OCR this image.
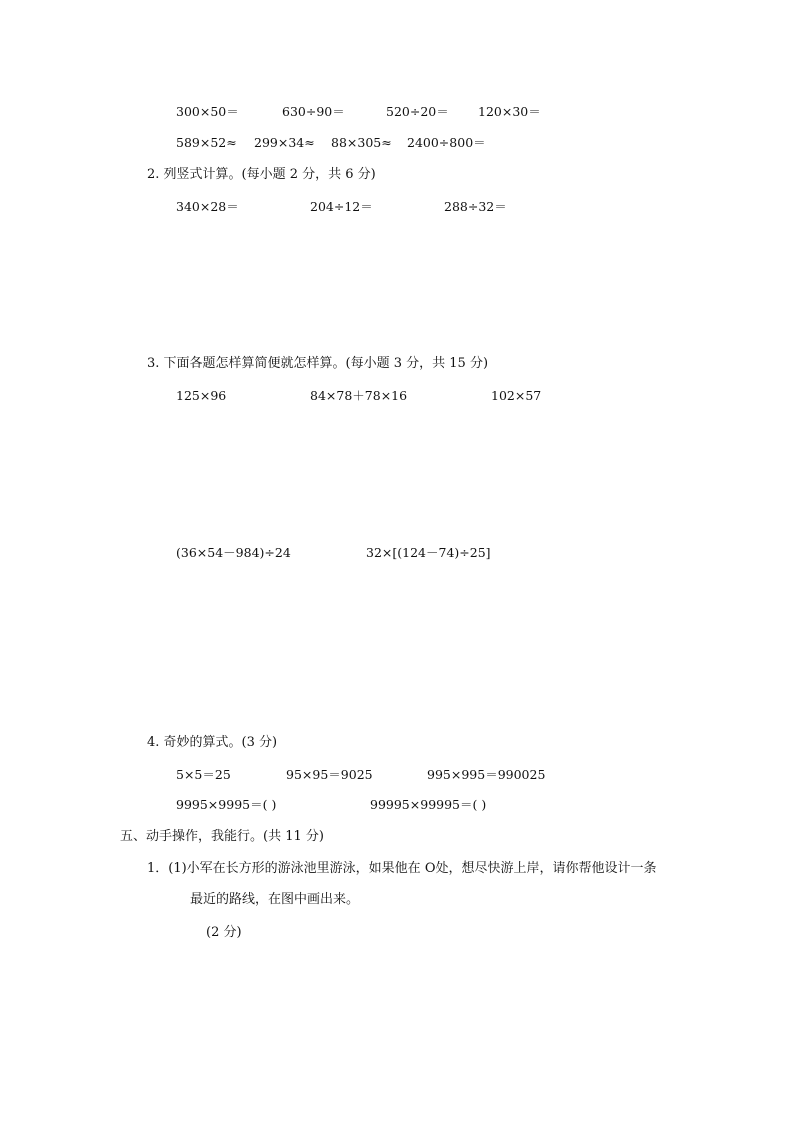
300×50＝	630÷90＝	520÷20＝ 120×30＝
589×52≈ 299×34≈ 88×305≈ 2400÷800＝
2. 列竖式计算。(每小题 2 分，共 6 分)
340×28＝	204÷12＝	288÷32＝
3. 下面各题怎样算简便就怎样算。(每小题 3 分，共 15 分)
125×96	84×78＋78×16	102×57
(36×54－984)÷24	32×[(124－74)÷25]
4. 奇妙的算式。(3 分)
5×5＝25	95×95＝9025	995×995＝990025
9995×9995＝( )	99995×99995＝( )
五、动手操作，我能行。(共 11 分)
1．(1)小军在长方形的游泳池里游泳，如果他在 O处，想尽快游上岸，请你帮他设计一条
最近的路线，在图中画出来。
(2 分)
